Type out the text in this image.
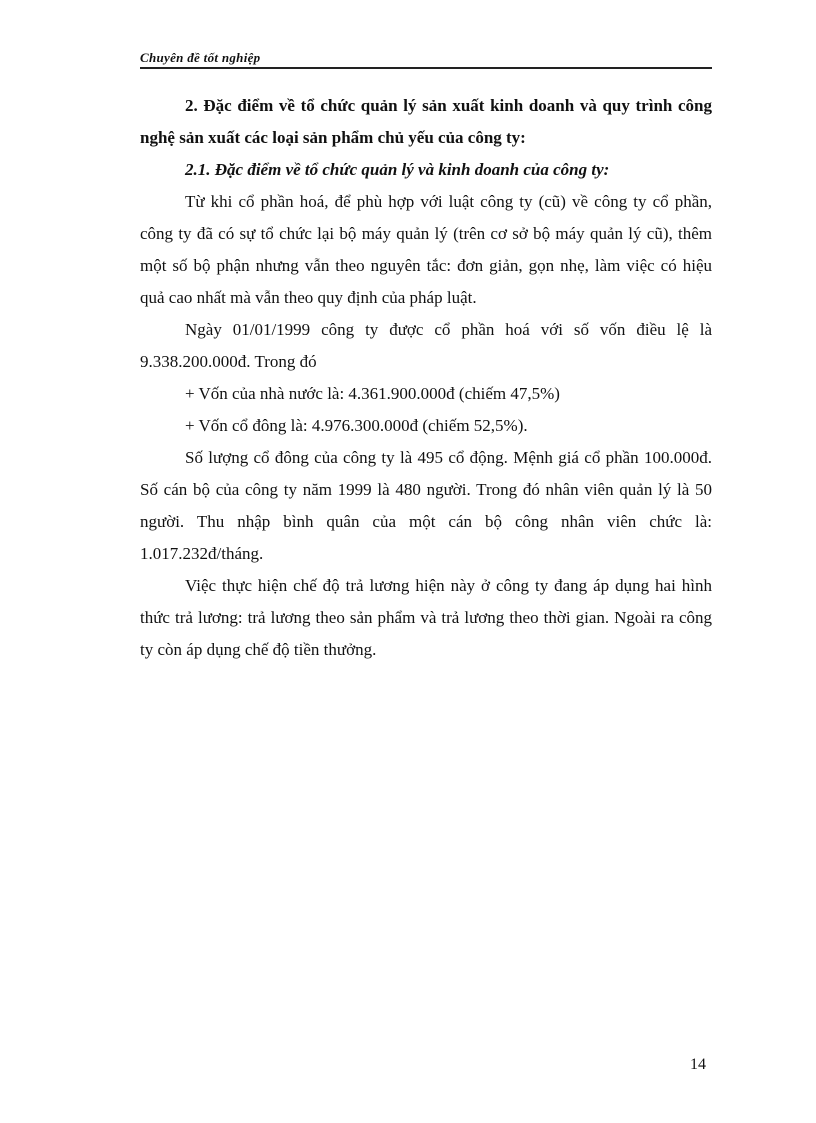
Chuyên đề tốt nghiệp

2. Đặc điểm về tổ chức quản lý sản xuất kinh doanh và quy trình công nghệ sản xuất các loại sản phẩm chủ yếu của công ty:

2.1. Đặc điểm về tổ chức quản lý và kinh doanh của công ty:

Từ khi cổ phần hoá, để phù hợp với luật công ty (cũ) về công ty cổ phần, công ty đã có sự tổ chức lại bộ máy quản lý (trên cơ sở bộ máy quản lý cũ), thêm một số bộ phận nhưng vẫn theo nguyên tắc: đơn giản, gọn nhẹ, làm việc có hiệu quả cao nhất mà vẫn theo quy định của pháp luật.

Ngày 01/01/1999 công ty được cổ phần hoá với số vốn điều lệ là 9.338.200.000đ. Trong đó

+ Vốn của nhà nước là: 4.361.900.000đ (chiếm 47,5%)

+ Vốn cổ đông là: 4.976.300.000đ (chiếm 52,5%).

Số lượng cổ đông của công ty là 495 cổ động. Mệnh giá cổ phần 100.000đ. Số cán bộ của công ty năm 1999 là 480 người. Trong đó nhân viên quản lý là 50 người. Thu nhập bình quân của một cán bộ công nhân viên chức là: 1.017.232đ/tháng.

Việc thực hiện chế độ trả lương hiện này ở công ty đang áp dụng hai hình thức trả lương: trả lương theo sản phẩm và trả lương theo thời gian. Ngoài ra công ty còn áp dụng chế độ tiền thưởng.

14
